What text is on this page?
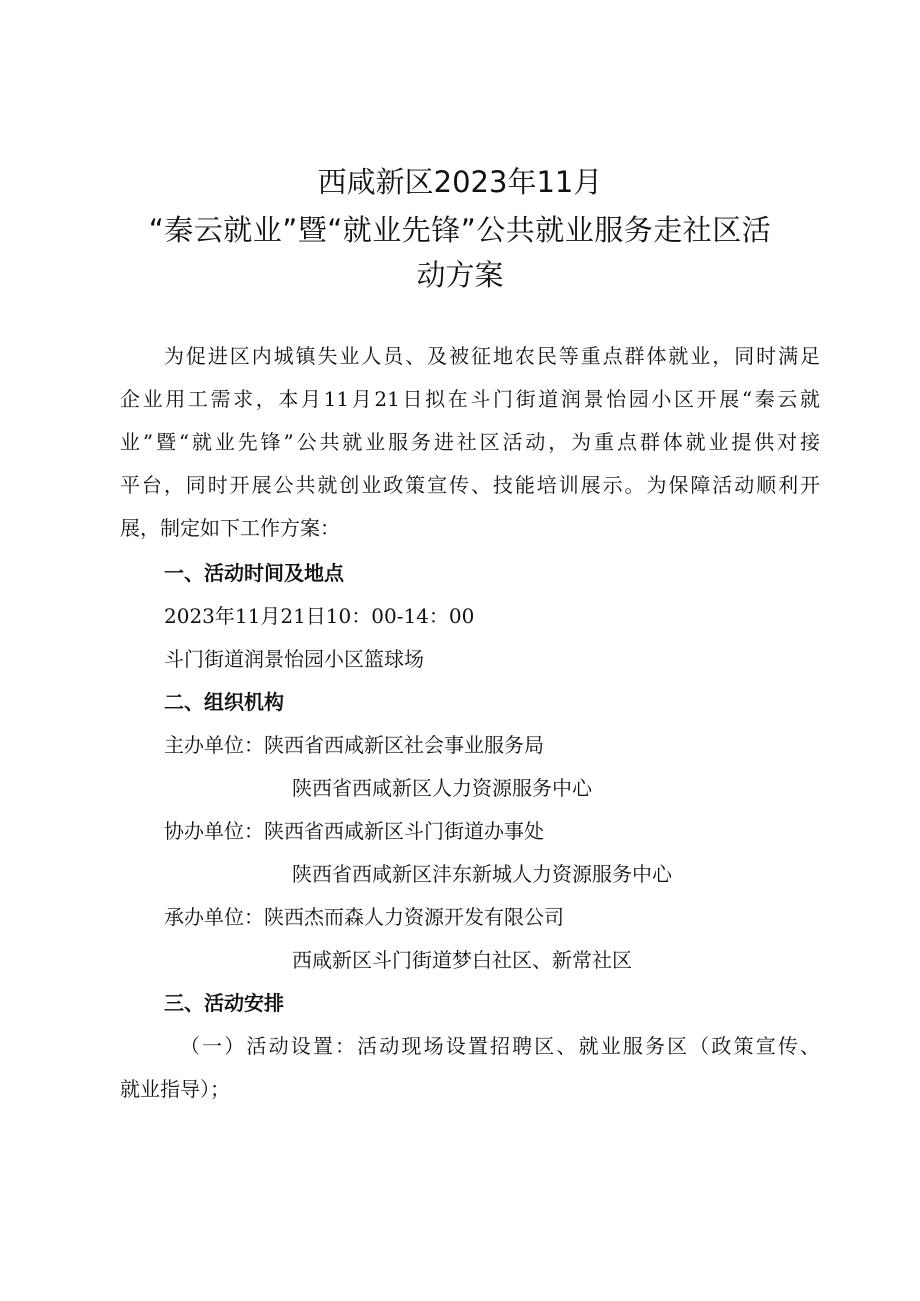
西咸新区2023年11月
“秦云就业”暨“就业先锋”公共就业服务走社区活
动方案
为促进区内城镇失业人员、及被征地农民等重点群体就业，同时满足
企业用工需求，本月11月21日拟在斗门街道润景怡园小区开展“秦云就
业”暨“就业先锋”公共就业服务进社区活动，为重点群体就业提供对接
平台，同时开展公共就创业政策宣传、技能培训展示。为保障活动顺利开
展，制定如下工作方案：
一、活动时间及地点
2023年11月21日10：00-14：00
斗门街道润景怡园小区篮球场
二、组织机构
主办单位：陕西省西咸新区社会事业服务局
陕西省西咸新区人力资源服务中心
协办单位：陕西省西咸新区斗门街道办事处
陕西省西咸新区沣东新城人力资源服务中心
承办单位：陕西杰而森人力资源开发有限公司
西咸新区斗门街道梦白社区、新常社区
三、活动安排
（一）活动设置：活动现场设置招聘区、就业服务区（政策宣传、
就业指导）；
